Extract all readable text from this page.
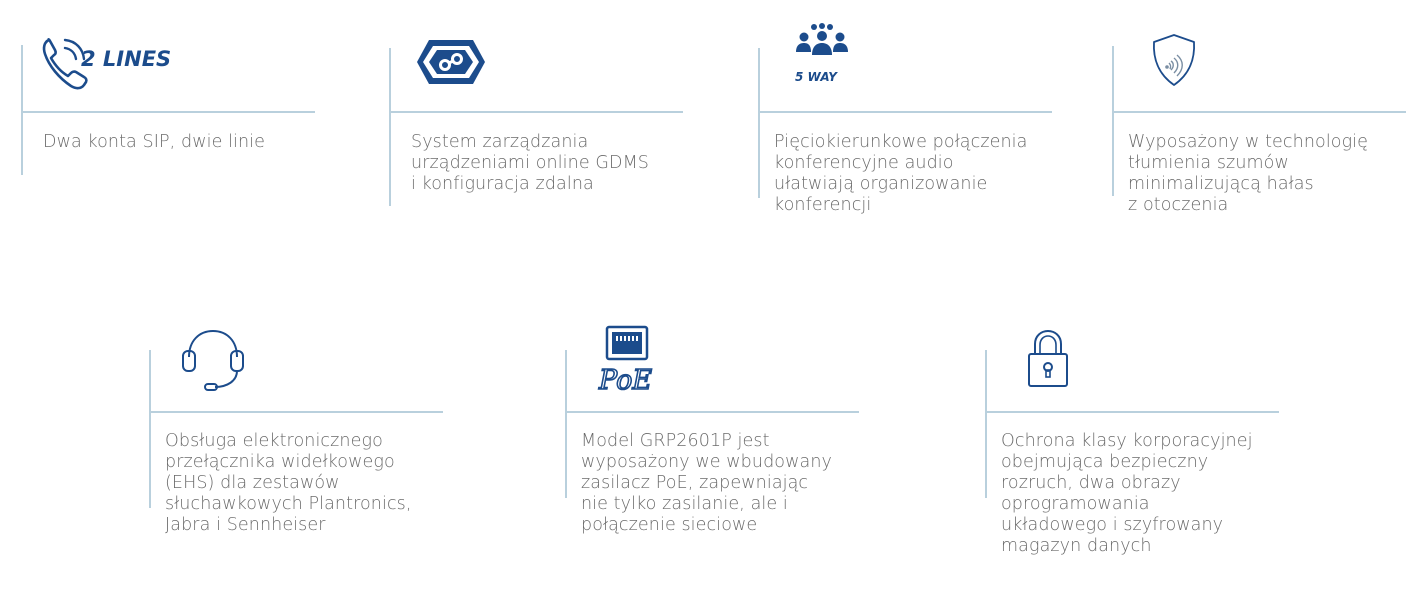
2 LINES
Dwa konta SIP, dwie linie	System zarządzania
urządzeniami online GDMS
i konfiguracja zdalna
5 WAY
Pięciokierunkowe połączenia
konferencyjne audio
ułatwiają organizowanie
konferencji
Wyposażony w technologię
tłumienia szumów
minimalizującą hałas
z otoczenia
Obsługa elektronicznego
przełącznika widełkowego
(EHS) dla zestawów
słuchawkowych Plantronics,
Jabra i Sennheiser
PoE
Model GRP2601P jest
wyposażony we wbudowany
zasilacz PoE, zapewniając
nie tylko zasilanie, ale i
połączenie sieciowe
Ochrona klasy korporacyjnej
obejmująca bezpieczny
rozruch, dwa obrazy
oprogramowania
układowego i szyfrowany
magazyn danych
